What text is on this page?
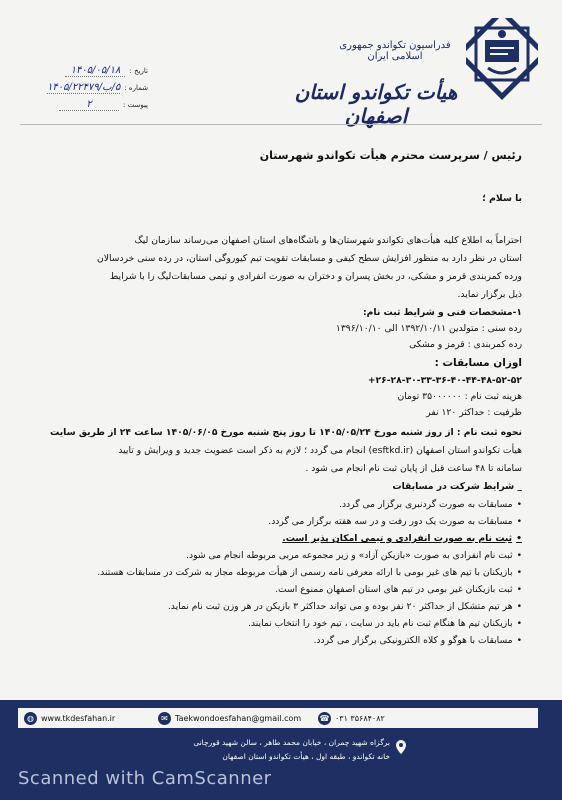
فدراسیون تکواندو جمهوری اسلامی ایران
هیأت تکواندو استان اصفهان
تاریخ :
۱۴۰۵/۰۵/۱۸
شماره :
۵/ب/۱۴۰۵/۲۲۴۷۹
پیوست :
۲
رئیس / سرپرست محترم هیأت تکواندو شهرستان
با سلام ؛
احتراماً به اطلاع کلیه هیأت‌های تکواندو شهرستان‌ها و باشگاه‌های استان اصفهان می‌رساند سازمان لیگ
استان در نظر دارد به منظور افزایش سطح کیفی و مسابقات تقویت تیم کیوروگی استان، در رده سنی خردسالان
ورده کمربندی قرمز و مشکی، در بخش پسران و دختران به صورت انفرادی و تیمی مسابقات‌لیگ را با شرایط
ذیل برگزار نماید.
۱-مشخصات فنی و شرایط ثبت نام:
رده سنی : متولدین ۱۳۹۲/۱۰/۱۱ الی ۱۳۹۶/۱۰/۱۰
رده کمربندی : قرمز و مشکی
اوزان مسابقات :
۲۶-۲۸-۳۰-۳۳-۳۶-۴۰-۴۴-۴۸-۵۲-۵۲+
هزینه ثبت نام : ۳۵۰۰۰۰۰۰ تومان
ظرفیت : حداکثر ۱۲۰ نفر
نحوه ثبت نام : از روز شنبه مورخ ۱۴۰۵/۰۵/۲۴ تا روز پنج شنبه مورخ ۱۴۰۵/۰۶/۰۵ ساعت ۲۴ از طریق سایت
هیأت تکواندو استان اصفهان (esftkd.ir) انجام می گردد ؛ لازم به ذکر است عضویت جدید و ویرایش و تایید
سامانه تا ۴۸ ساعت قبل از پایان ثبت نام انجام می شود .
_ شرایط شرکت در مسابقات
• مسابقات به صورت گردنبری برگزار می گردد.
• مسابقات به صورت یک دور رفت و در سه هفته برگزار می گردد.
• ثبت نام به صورت انفرادی و تیمی امکان پذیر است.
• ثبت نام انفرادی به صورت «بازیکن آزاد» و زیر مجموعه مربی مربوطه انجام می شود.
• بازیکنان با تیم های غیر بومی با ارائه معرفی نامه رسمی از هیأت مربوطه مجاز به شرکت در مسابقات هستند.
• ثبت بازیکنان غیر بومی در تیم های استان اصفهان ممنوع است.
• هر تیم متشکل از حداکثر ۲۰ نفر بوده و می تواند حداکثر ۳ بازیکن در هر وزن ثبت نام نماید.
• بازیکنان تیم ها هنگام ثبت نام باید در سایت ، تیم خود را انتخاب نمایند.
• مسابقات با هوگو و کلاه الکترونیکی برگزار می گردد.
◍ www.tkdesfahan.ir	✉ Taekwondoesfahan@gmail.com ☎ ۰۳۱ ۳۵۶۸۴۰۸۲
برگزاه شهید چمران ، خیابان محمد طاهر ، سالن شهید قورچانی
خانه تکواندو ، طبقه اول ، هیأت تکواندو استان اصفهان
Scanned with CamScanner
